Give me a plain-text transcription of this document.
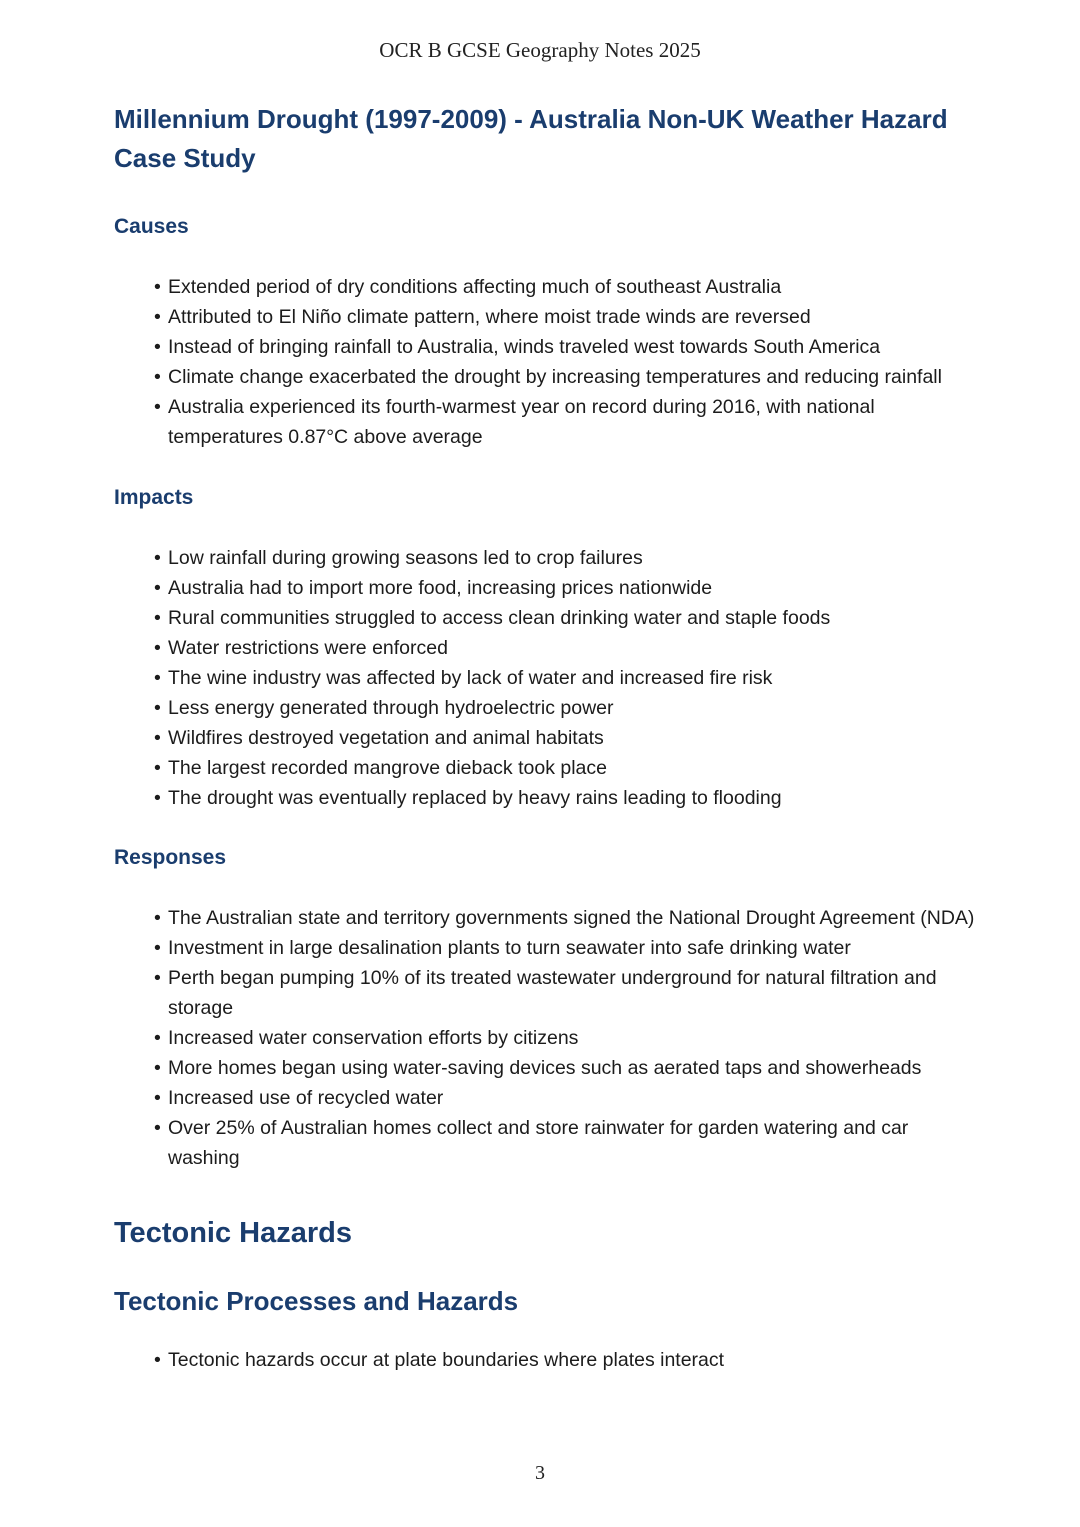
OCR B GCSE Geography Notes 2025
Millennium Drought (1997-2009) - Australia Non-UK Weather Hazard Case Study
Causes
• Extended period of dry conditions affecting much of southeast Australia
• Attributed to El Niño climate pattern, where moist trade winds are reversed
• Instead of bringing rainfall to Australia, winds traveled west towards South America
• Climate change exacerbated the drought by increasing temperatures and reducing rainfall
• Australia experienced its fourth-warmest year on record during 2016, with national temperatures 0.87°C above average
Impacts
• Low rainfall during growing seasons led to crop failures
• Australia had to import more food, increasing prices nationwide
• Rural communities struggled to access clean drinking water and staple foods
• Water restrictions were enforced
• The wine industry was affected by lack of water and increased fire risk
• Less energy generated through hydroelectric power
• Wildfires destroyed vegetation and animal habitats
• The largest recorded mangrove dieback took place
• The drought was eventually replaced by heavy rains leading to flooding
Responses
• The Australian state and territory governments signed the National Drought Agreement (NDA)
• Investment in large desalination plants to turn seawater into safe drinking water
• Perth began pumping 10% of its treated wastewater underground for natural filtration and storage
• Increased water conservation efforts by citizens
• More homes began using water-saving devices such as aerated taps and showerheads
• Increased use of recycled water
• Over 25% of Australian homes collect and store rainwater for garden watering and car washing
Tectonic Hazards
Tectonic Processes and Hazards
• Tectonic hazards occur at plate boundaries where plates interact
3
